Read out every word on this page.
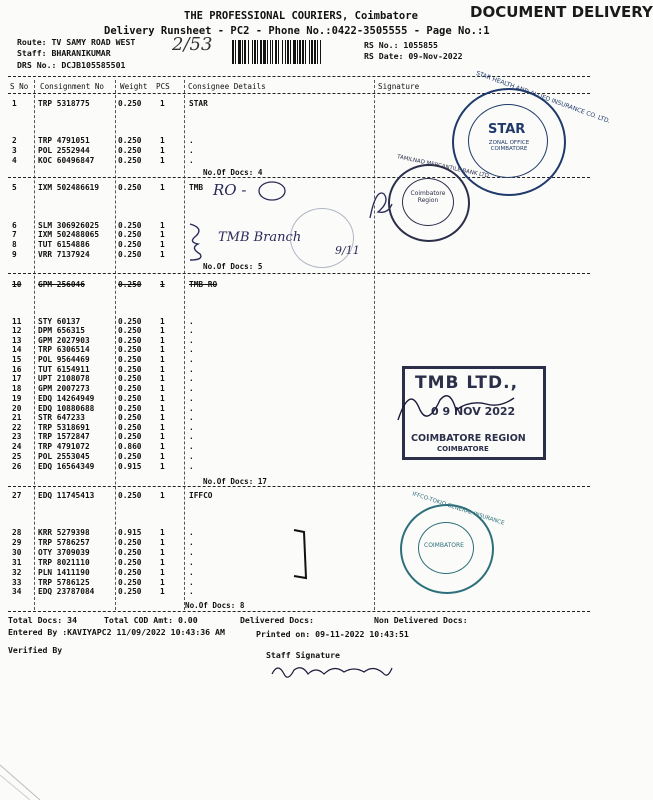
DOCUMENT DELIVERY
THE PROFESSIONAL COURIERS, Coimbatore
Delivery Runsheet - PC2 - Phone No.:0422-3505555 - Page No.:1
Route: TV SAMY ROAD WEST
Staff: BHARANIKUMAR
DRS No.: DCJB105585501
2/53	RS No.: 1055855
RS Date: 09-Nov-2022
S No Consignment No Weight PCS Consignee Details	Signature
1	TRP 5318775	0.250 1	STAR
2	TRP 4791051	0.250 1	.
3	POL 2552944	0.250 1	.
4	KOC 60496847	0.250 1	.
5	IXM 502486619 0.250 1	TMB
6	SLM 306926025 0.250 1
7	IXM 502488065 0.250 1
8	TUT 6154886	0.250 1
9	VRR 7137924	0.250 1
10 GPM 256046	0.250 1	TMB RO
11 STY 60137	0.250 1	.
12 DPM 656315	0.250 1	.
13 GPM 2027903	0.250 1	.
14 TRP 6306514	0.250 1	.
15 POL 9564469	0.250 1	.
16 TUT 6154911	0.250 1	.
17 UPT 2108078	0.250 1	.
18 GPM 2007273	0.250 1	.
19 EDQ 14264949	0.250 1	.
20 EDQ 10880688	0.250 1	.
21 STR 647233	0.250 1	.
22 TRP 5318691	0.250 1	.
23 TRP 1572847	0.250 1	.
24 TRP 4791072	0.860 1	.
25 POL 2553045	0.250 1	.
26 EDQ 16564349	0.915 1	.
27 EDQ 11745413	0.250 1	IFFCO
28 KRR 5279398	0.915 1	.
29 TRP 5786257	0.250 1	.
30 OTY 3709039	0.250 1	.
31 TRP 8021110	0.250 1	.
32 PLN 1411190	0.250 1	.
33 TRP 5786125	0.250 1	.
34 EDQ 23787084	0.250 1	.
No.Of Docs: 4
No.Of Docs: 5
No.Of Docs: 17
No.Of Docs: 8
RO -
TMB Branch
9/11
STAR HEALTH AND ALLIED INSURANCE CO. LTD.
STAR
ZONAL OFFICE COIMBATORE
TAMILNAD MERCANTILE BANK LTD.
Coimbatore Region
TMB LTD.,
0 9 NOV 2022
COIMBATORE REGION
COIMBATORE
IFFCO-TOKIO GENERAL INSURANCE
COIMBATORE
Total Docs: 34	Total COD Amt: 0.00	Delivered Docs:	Non Delivered Docs:
Entered By :KAVIYAPC2 11/09/2022 10:43:36 AM	Printed on: 09-11-2022 10:43:51
Verified By	Staff Signature
